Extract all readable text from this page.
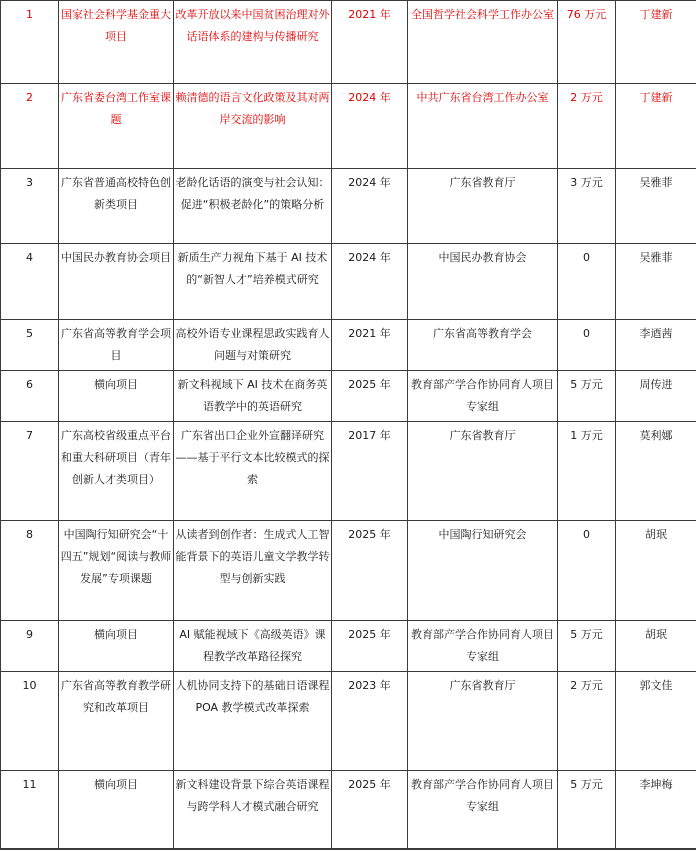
1	国家社会科学基金重大项目	改革开放以来中国贫困治理对外话语体系的建构与传播研究	2021 年	全国哲学社会科学工作办公室	76 万元	丁建新
2	广东省委台湾工作室课题	赖清德的语言文化政策及其对两岸交流的影响	2024 年	中共广东省台湾工作办公室	2 万元	丁建新
3	广东省普通高校特色创新类项目	老龄化话语的演变与社会认知：促进“积极老龄化”的策略分析	2024 年	广东省教育厅	3 万元	吴雅菲
4	中国民办教育协会项目	新质生产力视角下基于 AI 技术的“新智人才”培养模式研究	2024 年	中国民办教育协会	0	吴雅菲
5	广东省高等教育学会项目	高校外语专业课程思政实践育人问题与对策研究	2021 年	广东省高等教育学会	0	李迺茜
6	横向项目	新文科视域下 AI 技术在商务英语教学中的英语研究	2025 年	教育部产学合作协同育人项目专家组	5 万元	周传进
7	广东高校省级重点平台和重大科研项目（青年创新人才类项目）	广东省出口企业外宣翻译研究——基于平行文本比较模式的探索	2017 年	广东省教育厅	1 万元	莫利娜
8	中国陶行知研究会“十四五”规划“阅读与教师发展”专项课题	从读者到创作者：生成式人工智能背景下的英语儿童文学教学转型与创新实践	2025 年	中国陶行知研究会	0	胡珉
9	横向项目	AI 赋能视域下《高级英语》课程教学改革路径探究	2025 年	教育部产学合作协同育人项目专家组	5 万元	胡珉
10	广东省高等教育教学研究和改革项目	人机协同支持下的基础日语课程 POA 教学模式改革探索	2023 年	广东省教育厅	2 万元	郭文佳
11	横向项目	新文科建设背景下综合英语课程与跨学科人才模式融合研究	2025 年	教育部产学合作协同育人项目专家组	5 万元	李坤梅
